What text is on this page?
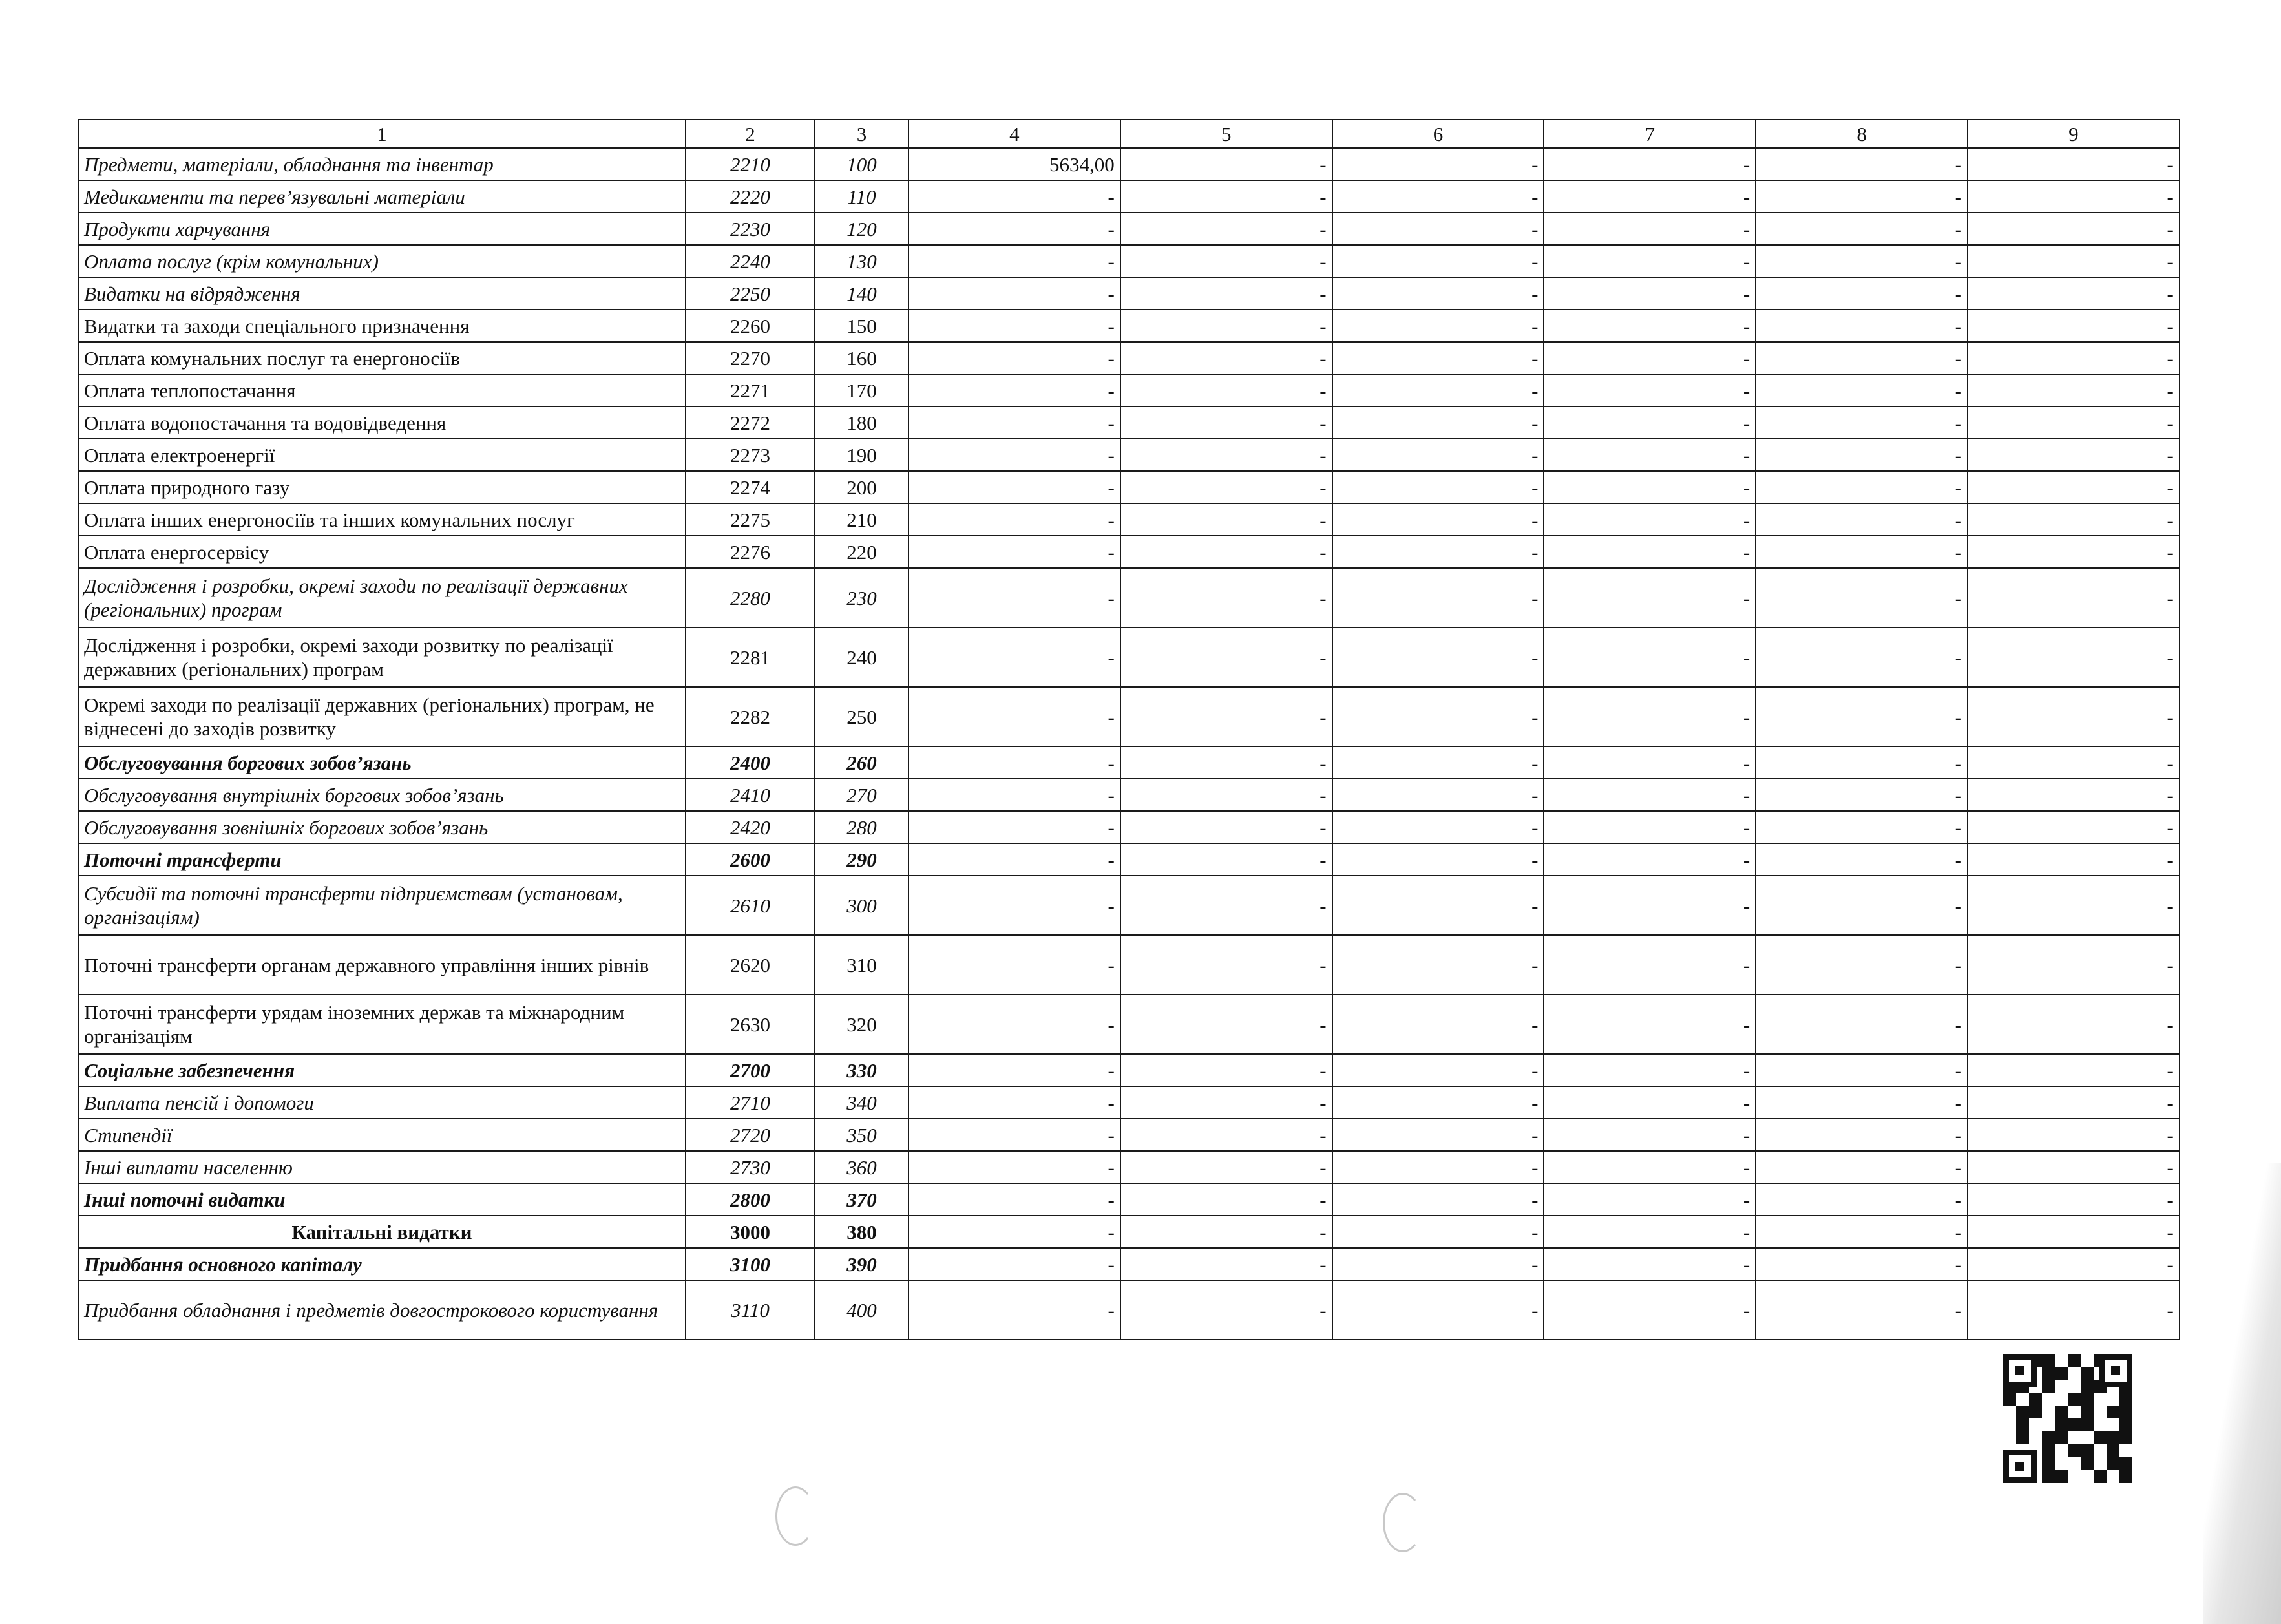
1	2	3	4	5	6	7	8	9
Предмети, матеріали, обладнання та інвентар	2210	100	5634,00	-	-	-	-	-
Медикаменти та перев’язувальні матеріали	2220	110	-	-	-	-	-	-
Продукти харчування	2230	120	-	-	-	-	-	-
Оплата послуг (крім комунальних)	2240	130	-	-	-	-	-	-
Видатки на відрядження	2250	140	-	-	-	-	-	-
Видатки та заходи спеціального призначення	2260	150	-	-	-	-	-	-
Оплата комунальних послуг та енергоносіїв	2270	160	-	-	-	-	-	-
Оплата теплопостачання	2271	170	-	-	-	-	-	-
Оплата водопостачання та водовідведення	2272	180	-	-	-	-	-	-
Оплата електроенергії	2273	190	-	-	-	-	-	-
Оплата природного газу	2274	200	-	-	-	-	-	-
Оплата інших енергоносіїв та інших комунальних послуг	2275	210	-	-	-	-	-	-
Оплата енергосервісу	2276	220	-	-	-	-	-	-
Дослідження і розробки, окремі заходи по реалізації державних (регіональних) програм	2280	230	-	-	-	-	-	-
Дослідження і розробки, окремі заходи розвитку по реалізації державних (регіональних) програм	2281	240	-	-	-	-	-	-
Окремі заходи по реалізації державних (регіональних) програм, не віднесені до заходів розвитку	2282	250	-	-	-	-	-	-
Обслуговування боргових зобов’язань	2400	260	-	-	-	-	-	-
Обслуговування внутрішніх боргових зобов’язань	2410	270	-	-	-	-	-	-
Обслуговування зовнішніх боргових зобов’язань	2420	280	-	-	-	-	-	-
Поточні трансферти	2600	290	-	-	-	-	-	-
Субсидії та поточні трансферти підприємствам (установам, організаціям)	2610	300	-	-	-	-	-	-
Поточні трансферти органам державного управління інших рівнів	2620	310	-	-	-	-	-	-
Поточні трансферти урядам іноземних держав та міжнародним організаціям	2630	320	-	-	-	-	-	-
Соціальне забезпечення	2700	330	-	-	-	-	-	-
Виплата пенсій і допомоги	2710	340	-	-	-	-	-	-
Стипендії	2720	350	-	-	-	-	-	-
Інші виплати населенню	2730	360	-	-	-	-	-	-
Інші поточні видатки	2800	370	-	-	-	-	-	-
Капітальні видатки	3000	380	-	-	-	-	-	-
Придбання основного капіталу	3100	390	-	-	-	-	-	-
Придбання обладнання і предметів довгострокового користування	3110	400	-	-	-	-	-	-
